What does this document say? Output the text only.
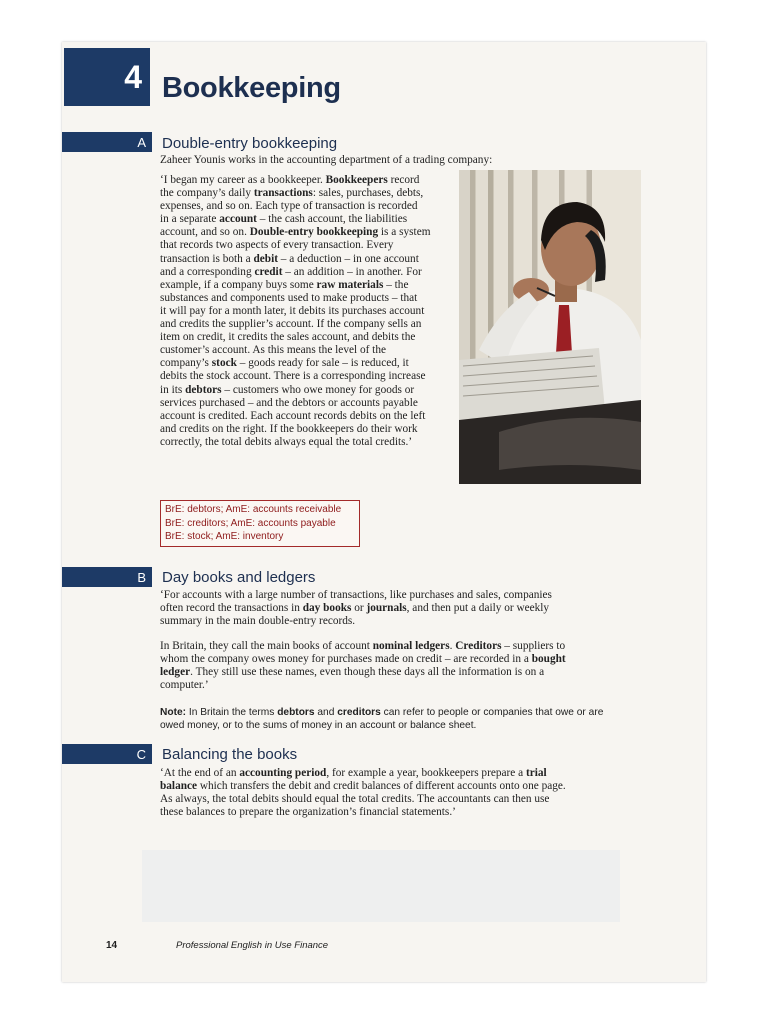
4 Bookkeeping
A Double-entry bookkeeping
Zaheer Younis works in the accounting department of a trading company:
‘I began my career as a bookkeeper. Bookkeepers record
the company’s daily transactions: sales, purchases, debts,
expenses, and so on. Each type of transaction is recorded
in a separate account – the cash account, the liabilities
account, and so on. Double-entry bookkeeping is a system
that records two aspects of every transaction. Every
transaction is both a debit – a deduction – in one account
and a corresponding credit – an addition – in another. For
example, if a company buys some raw materials – the
substances and components used to make products – that
it will pay for a month later, it debits its purchases account
and credits the supplier’s account. If the company sells an
item on credit, it credits the sales account, and debits the
customer’s account. As this means the level of the
company’s stock – goods ready for sale – is reduced, it
debits the stock account. There is a corresponding increase
in its debtors – customers who owe money for goods or
services purchased – and the debtors or accounts payable
account is credited. Each account records debits on the left
and credits on the right. If the bookkeepers do their work
correctly, the total debits always equal the total credits.’
BrE: debtors; AmE: accounts receivable
BrE: creditors; AmE: accounts payable
BrE: stock; AmE: inventory
B Day books and ledgers
‘For accounts with a large number of transactions, like purchases and sales, companies
often record the transactions in day books or journals, and then put a daily or weekly
summary in the main double-entry records.
In Britain, they call the main books of account nominal ledgers. Creditors – suppliers to
whom the company owes money for purchases made on credit – are recorded in a bought
ledger. They still use these names, even though these days all the information is on a
computer.’
Note: In Britain the terms debtors and creditors can refer to people or companies that owe or are
owed money, or to the sums of money in an account or balance sheet.
C Balancing the books
‘At the end of an accounting period, for example a year, bookkeepers prepare a trial
balance which transfers the debit and credit balances of different accounts onto one page.
As always, the total debits should equal the total credits. The accountants can then use
these balances to prepare the organization’s financial statements.’
14	Professional English in Use Finance
